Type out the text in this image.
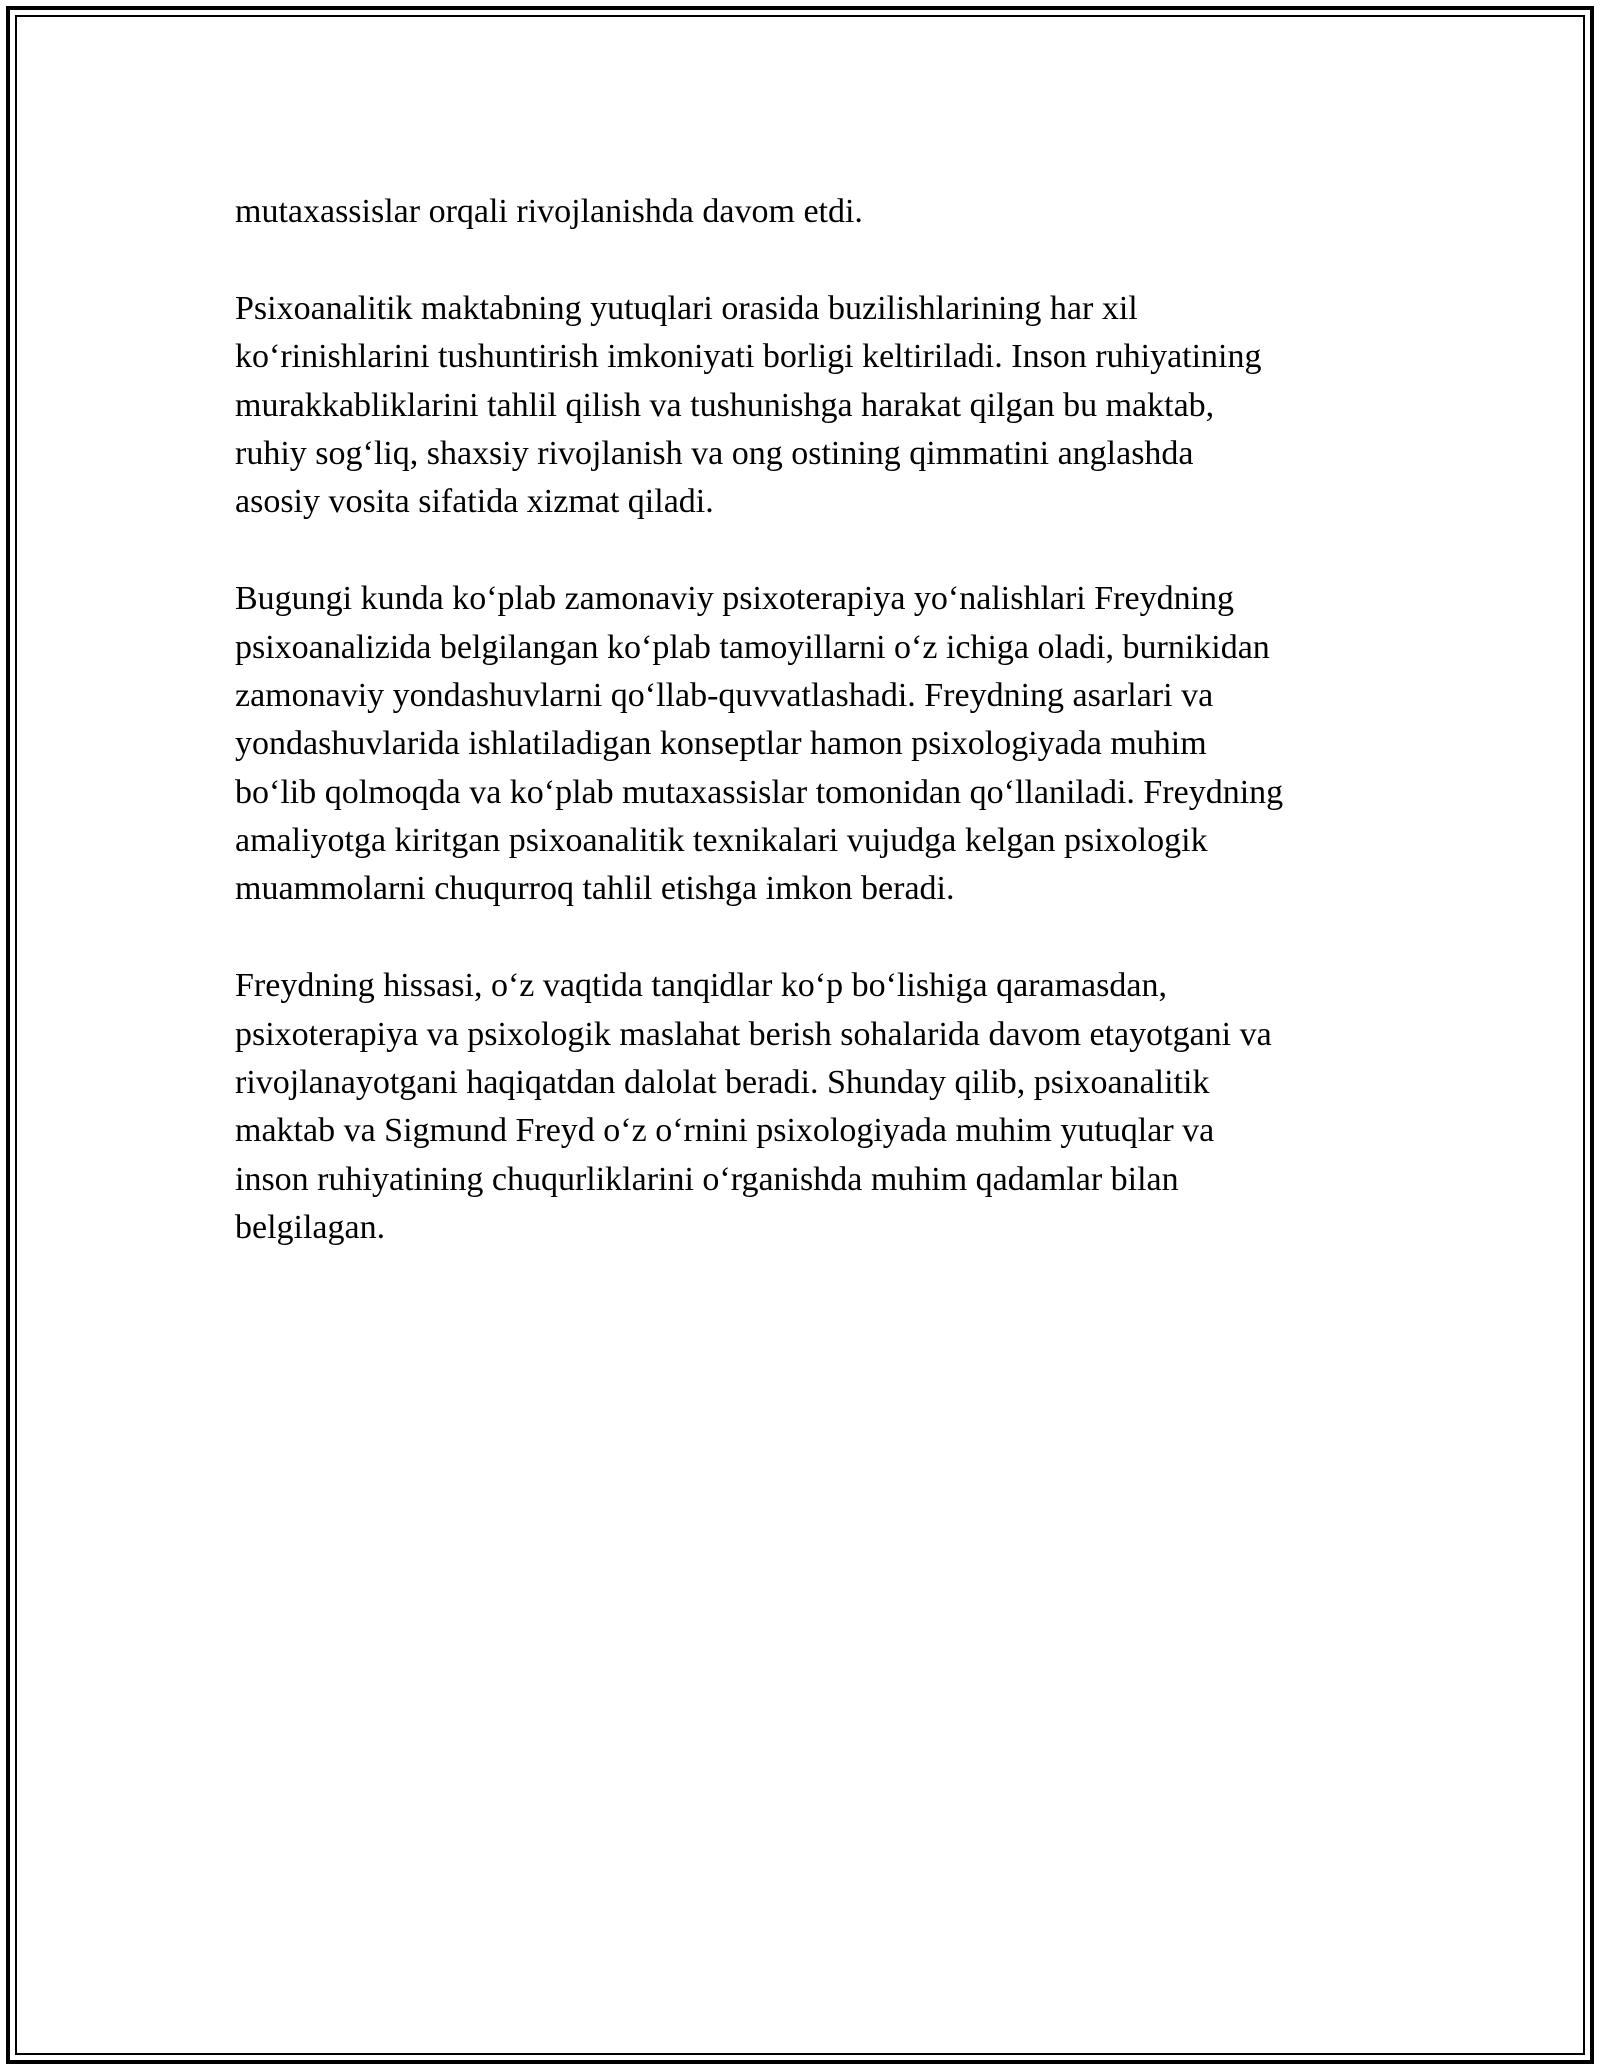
mutaxassislar orqali rivojlanishda davom etdi.
Psixoanalitik maktabning yutuqlari orasida buzilishlarining har xil
ko‘rinishlarini tushuntirish imkoniyati borligi keltiriladi. Inson ruhiyatining
murakkabliklarini tahlil qilish va tushunishga harakat qilgan bu maktab,
ruhiy sog‘liq, shaxsiy rivojlanish va ong ostining qimmatini anglashda
asosiy vosita sifatida xizmat qiladi.
Bugungi kunda ko‘plab zamonaviy psixoterapiya yo‘nalishlari Freydning
psixoanalizida belgilangan ko‘plab tamoyillarni o‘z ichiga oladi, burnikidan
zamonaviy yondashuvlarni qo‘llab-quvvatlashadi. Freydning asarlari va
yondashuvlarida ishlatiladigan konseptlar hamon psixologiyada muhim
bo‘lib qolmoqda va ko‘plab mutaxassislar tomonidan qo‘llaniladi. Freydning
amaliyotga kiritgan psixoanalitik texnikalari vujudga kelgan psixologik
muammolarni chuqurroq tahlil etishga imkon beradi.
Freydning hissasi, o‘z vaqtida tanqidlar ko‘p bo‘lishiga qaramasdan,
psixoterapiya va psixologik maslahat berish sohalarida davom etayotgani va
rivojlanayotgani haqiqatdan dalolat beradi. Shunday qilib, psixoanalitik
maktab va Sigmund Freyd o‘z o‘rnini psixologiyada muhim yutuqlar va
inson ruhiyatining chuqurliklarini o‘rganishda muhim qadamlar bilan
belgilagan.
